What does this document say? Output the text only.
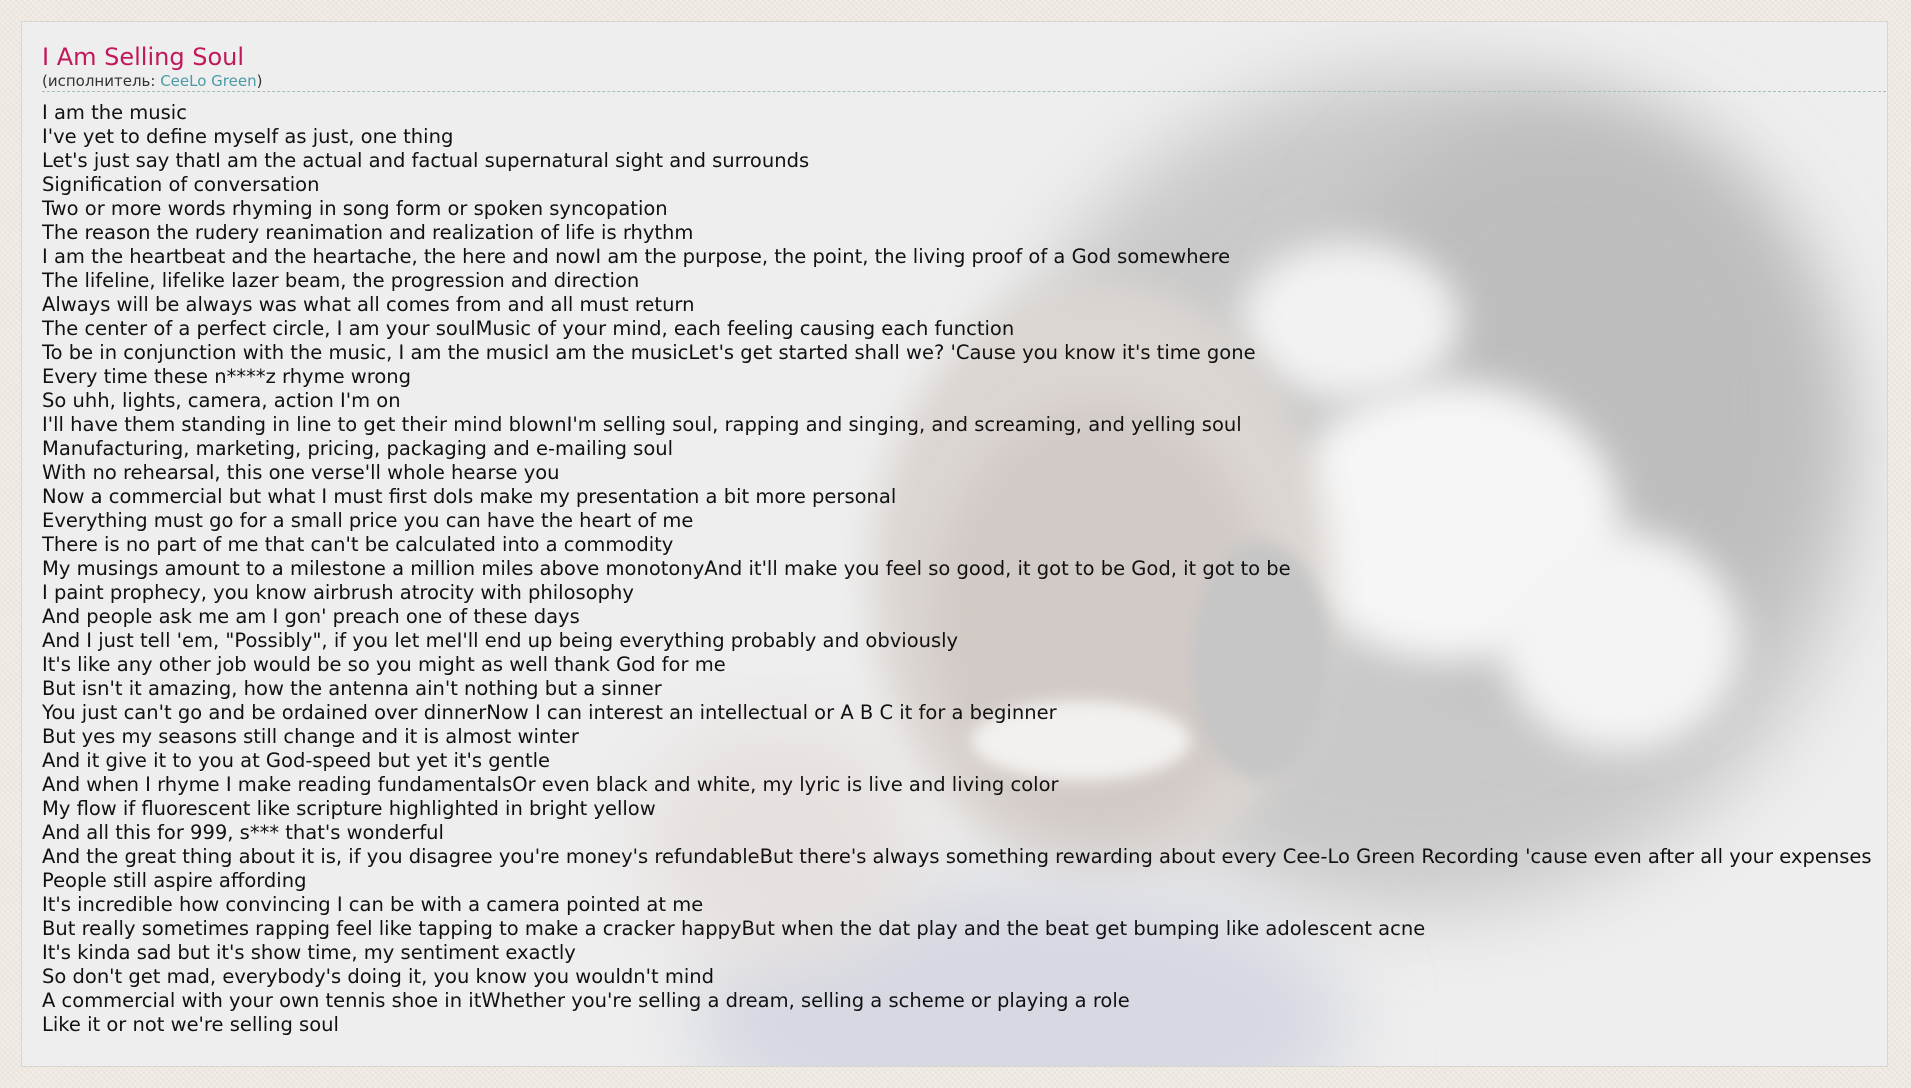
I Am Selling Soul
(исполнитель: CeeLo Green)
I am the music
I've yet to define myself as just, one thing
Let's just say thatI am the actual and factual supernatural sight and surrounds
Signification of conversation
Two or more words rhyming in song form or spoken syncopation
The reason the rudery reanimation and realization of life is rhythm
I am the heartbeat and the heartache, the here and nowI am the purpose, the point, the living proof of a God somewhere
The lifeline, lifelike lazer beam, the progression and direction
Always will be always was what all comes from and all must return
The center of a perfect circle, I am your soulMusic of your mind, each feeling causing each function
To be in conjunction with the music, I am the musicI am the musicLet's get started shall we? 'Cause you know it's time gone
Every time these n****z rhyme wrong
So uhh, lights, camera, action I'm on
I'll have them standing in line to get their mind blownI'm selling soul, rapping and singing, and screaming, and yelling soul
Manufacturing, marketing, pricing, packaging and e-mailing soul
With no rehearsal, this one verse'll whole hearse you
Now a commercial but what I must first doIs make my presentation a bit more personal
Everything must go for a small price you can have the heart of me
There is no part of me that can't be calculated into a commodity
My musings amount to a milestone a million miles above monotonyAnd it'll make you feel so good, it got to be God, it got to be
I paint prophecy, you know airbrush atrocity with philosophy
And people ask me am I gon' preach one of these days
And I just tell 'em, "Possibly", if you let meI'll end up being everything probably and obviously
It's like any other job would be so you might as well thank God for me
But isn't it amazing, how the antenna ain't nothing but a sinner
You just can't go and be ordained over dinnerNow I can interest an intellectual or A B C it for a beginner
But yes my seasons still change and it is almost winter
And it give it to you at God-speed but yet it's gentle
And when I rhyme I make reading fundamentalsOr even black and white, my lyric is live and living color
My flow if fluorescent like scripture highlighted in bright yellow
And all this for 999, s*** that's wonderful
And the great thing about it is, if you disagree you're money's refundableBut there's always something rewarding about every Cee-Lo Green Recording 'cause even after all your expenses
People still aspire affording
It's incredible how convincing I can be with a camera pointed at me
But really sometimes rapping feel like tapping to make a cracker happyBut when the dat play and the beat get bumping like adolescent acne
It's kinda sad but it's show time, my sentiment exactly
So don't get mad, everybody's doing it, you know you wouldn't mind
A commercial with your own tennis shoe in itWhether you're selling a dream, selling a scheme or playing a role
Like it or not we're selling soul
